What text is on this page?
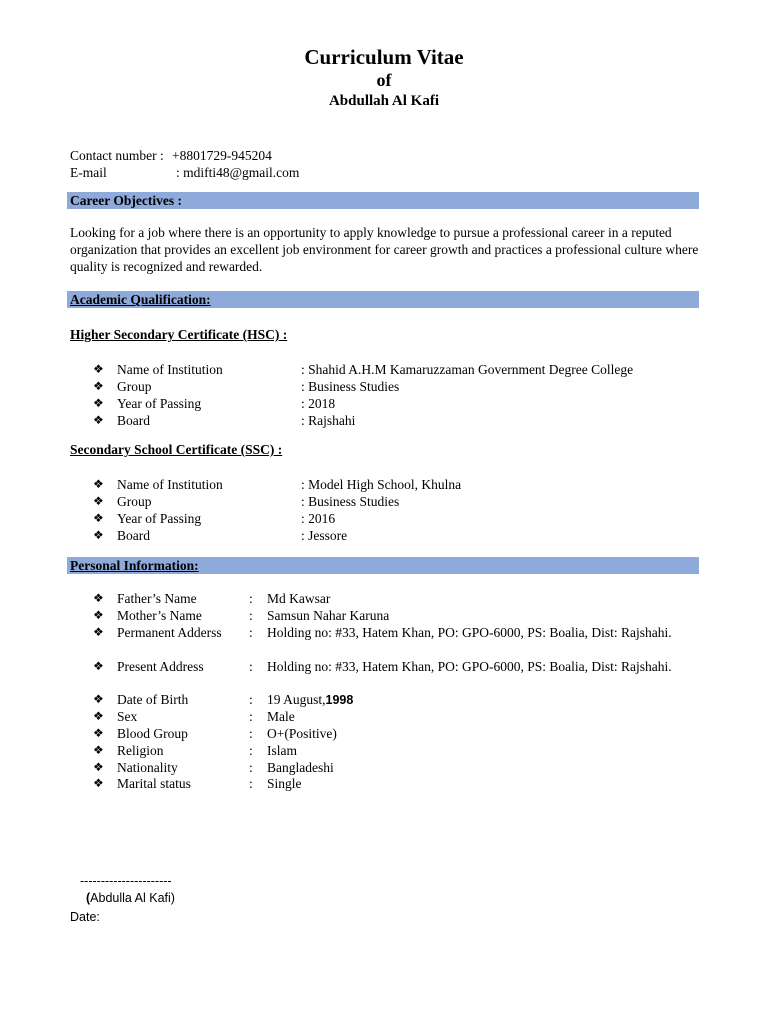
Curriculum Vitae
of
Abdullah Al Kafi
Contact number : +8801729-945204
E-mail	: mdifti48@gmail.com
Career Objectives :
Looking for a job where there is an opportunity to apply knowledge to pursue a professional career in a reputed organization that provides an excellent job environment for career growth and practices a professional culture where quality is recognized and rewarded.
Academic Qualification:
Higher Secondary Certificate (HSC) :
Secondary School Certificate (SSC) :
Personal Information:
----------------------
(Abdulla Al Kafi)
Date:
❖ Name of Institution	: Shahid A.H.M Kamaruzzaman Government Degree College
❖ Group	: Business Studies
❖ Year of Passing	: 2018
❖ Board	: Rajshahi
❖ Name of Institution	: Model High School, Khulna
❖ Group	: Business Studies
❖ Year of Passing	: 2016
❖ Board	: Jessore
❖ Father’s Name	: Md Kawsar
❖ Mother’s Name	: Samsun Nahar Karuna
❖ Permanent Adderss : Holding no: #33, Hatem Khan, PO: GPO-6000, PS: Boalia, Dist: Rajshahi.
❖ Present Address	: Holding no: #33, Hatem Khan, PO: GPO-6000, PS: Boalia, Dist: Rajshahi.
❖ Date of Birth	: 19 August,1998
❖ Sex	: Male
❖ Blood Group	: O+(Positive)
❖ Religion	: Islam
❖ Nationality	: Bangladeshi
❖ Marital status	: Single
